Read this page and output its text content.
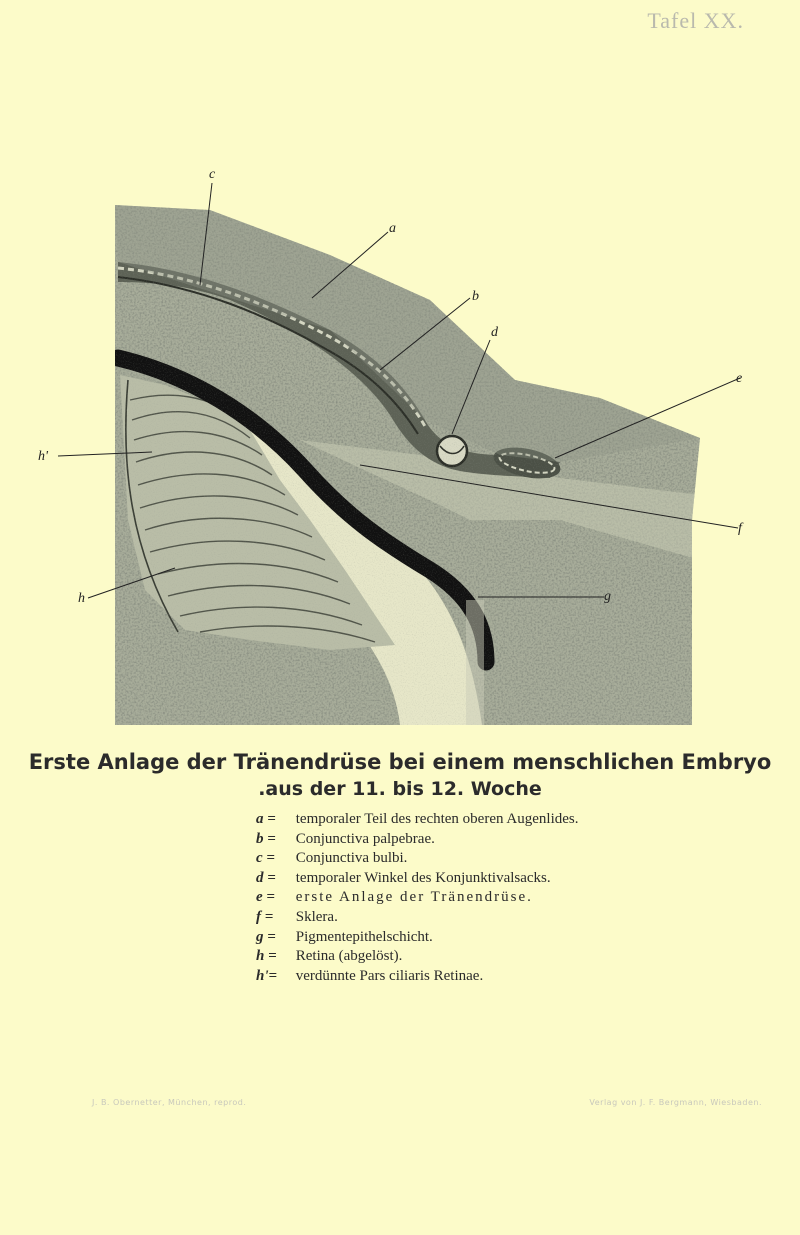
Tafel XX.
c
a
b
d
e
h'
f
g
h
Erste Anlage der Tränendrüse bei einem menschlichen Embryo
.aus der 11. bis 12. Woche
a = temporaler Teil des rechten oberen Augenlides.
b = Conjunctiva palpebrae.
c = Conjunctiva bulbi.
d = temporaler Winkel des Konjunktivalsacks.
e = erste Anlage der Tränendrüse.
f = Sklera.
g = Pigmentepithelschicht.
h = Retina (abgelöst).
h'= verdünnte Pars ciliaris Retinae.
J. B. Obernetter, München, reprod.	Verlag von J. F. Bergmann, Wiesbaden.
